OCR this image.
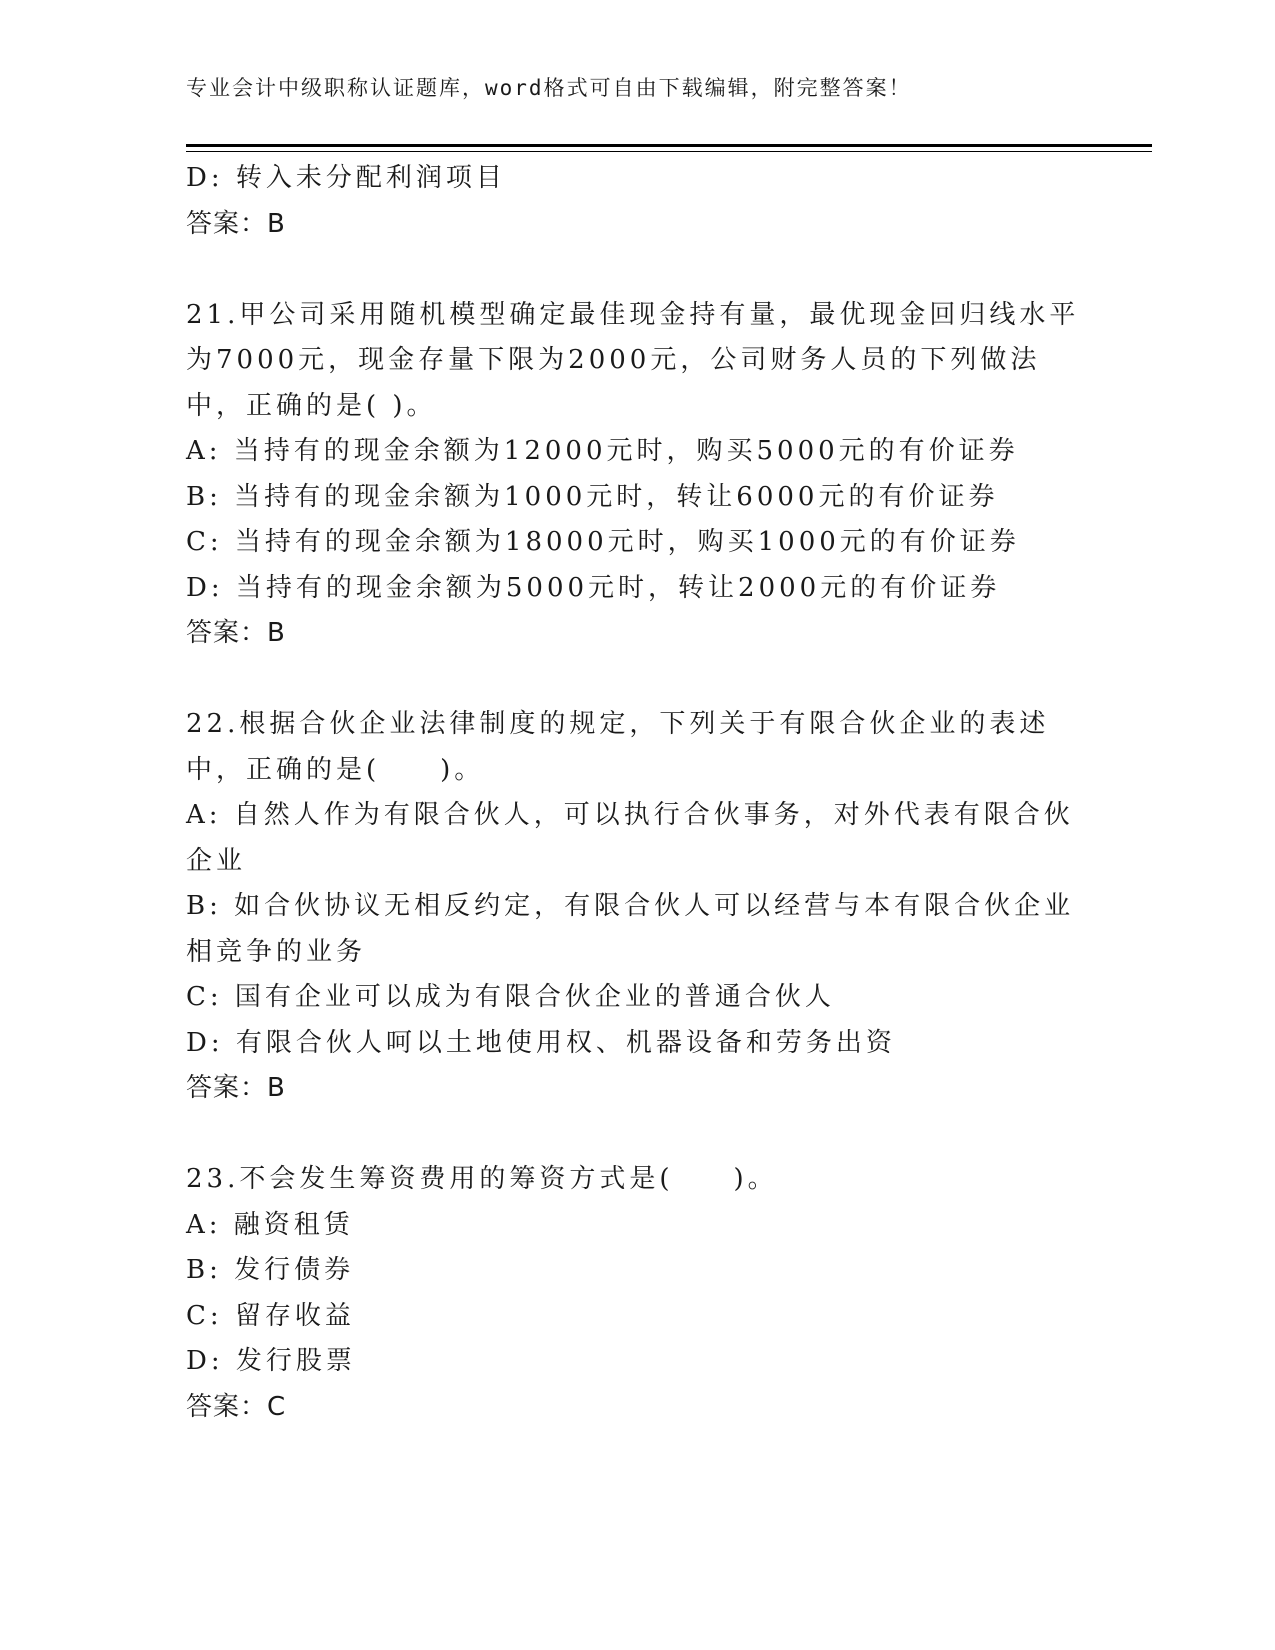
专业会计中级职称认证题库，word格式可自由下载编辑，附完整答案！
D: 转入未分配利润项目
答案：B
21.甲公司采用随机模型确定最佳现金持有量，最优现金回归线水平为7000元，现金存量下限为2000元，公司财务人员的下列做法中，正确的是( )。
A: 当持有的现金余额为12000元时，购买5000元的有价证券
B: 当持有的现金余额为1000元时，转让6000元的有价证券
C: 当持有的现金余额为18000元时，购买1000元的有价证券
D: 当持有的现金余额为5000元时，转让2000元的有价证券
答案：B
22.根据合伙企业法律制度的规定，下列关于有限合伙企业的表述中，正确的是(　　)。
A: 自然人作为有限合伙人，可以执行合伙事务，对外代表有限合伙企业
B: 如合伙协议无相反约定，有限合伙人可以经营与本有限合伙企业相竞争的业务
C: 国有企业可以成为有限合伙企业的普通合伙人
D: 有限合伙人呵以土地使用权、机器设备和劳务出资
答案：B
23.不会发生筹资费用的筹资方式是(　　)。
A: 融资租赁
B: 发行债券
C: 留存收益
D: 发行股票
答案：C
